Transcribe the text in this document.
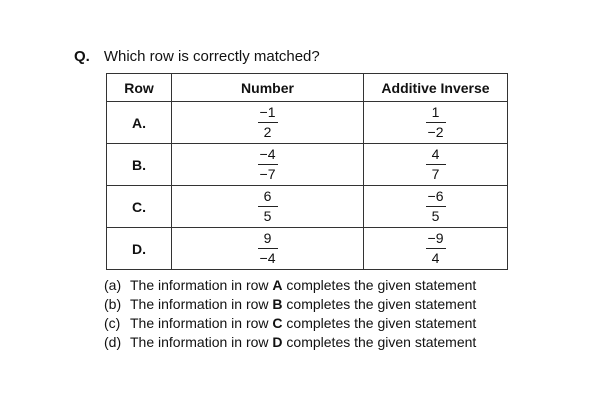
Q. Which row is correctly matched?
Row	Number	Additive Inverse
A.	$\frac{-1}{2}$	$\frac{1}{-2}$

B.	$\frac{-4}{-7}$	$\frac{4}{7}$

C.	$\frac{6}{5}$	$\frac{-6}{5}$

D.	$\frac{9}{-4}$	$\frac{-9}{4}$
(a) The information in row A completes the given statement
(b) The information in row B completes the given statement
(c) The information in row C completes the given statement
(d) The information in row D completes the given statement
